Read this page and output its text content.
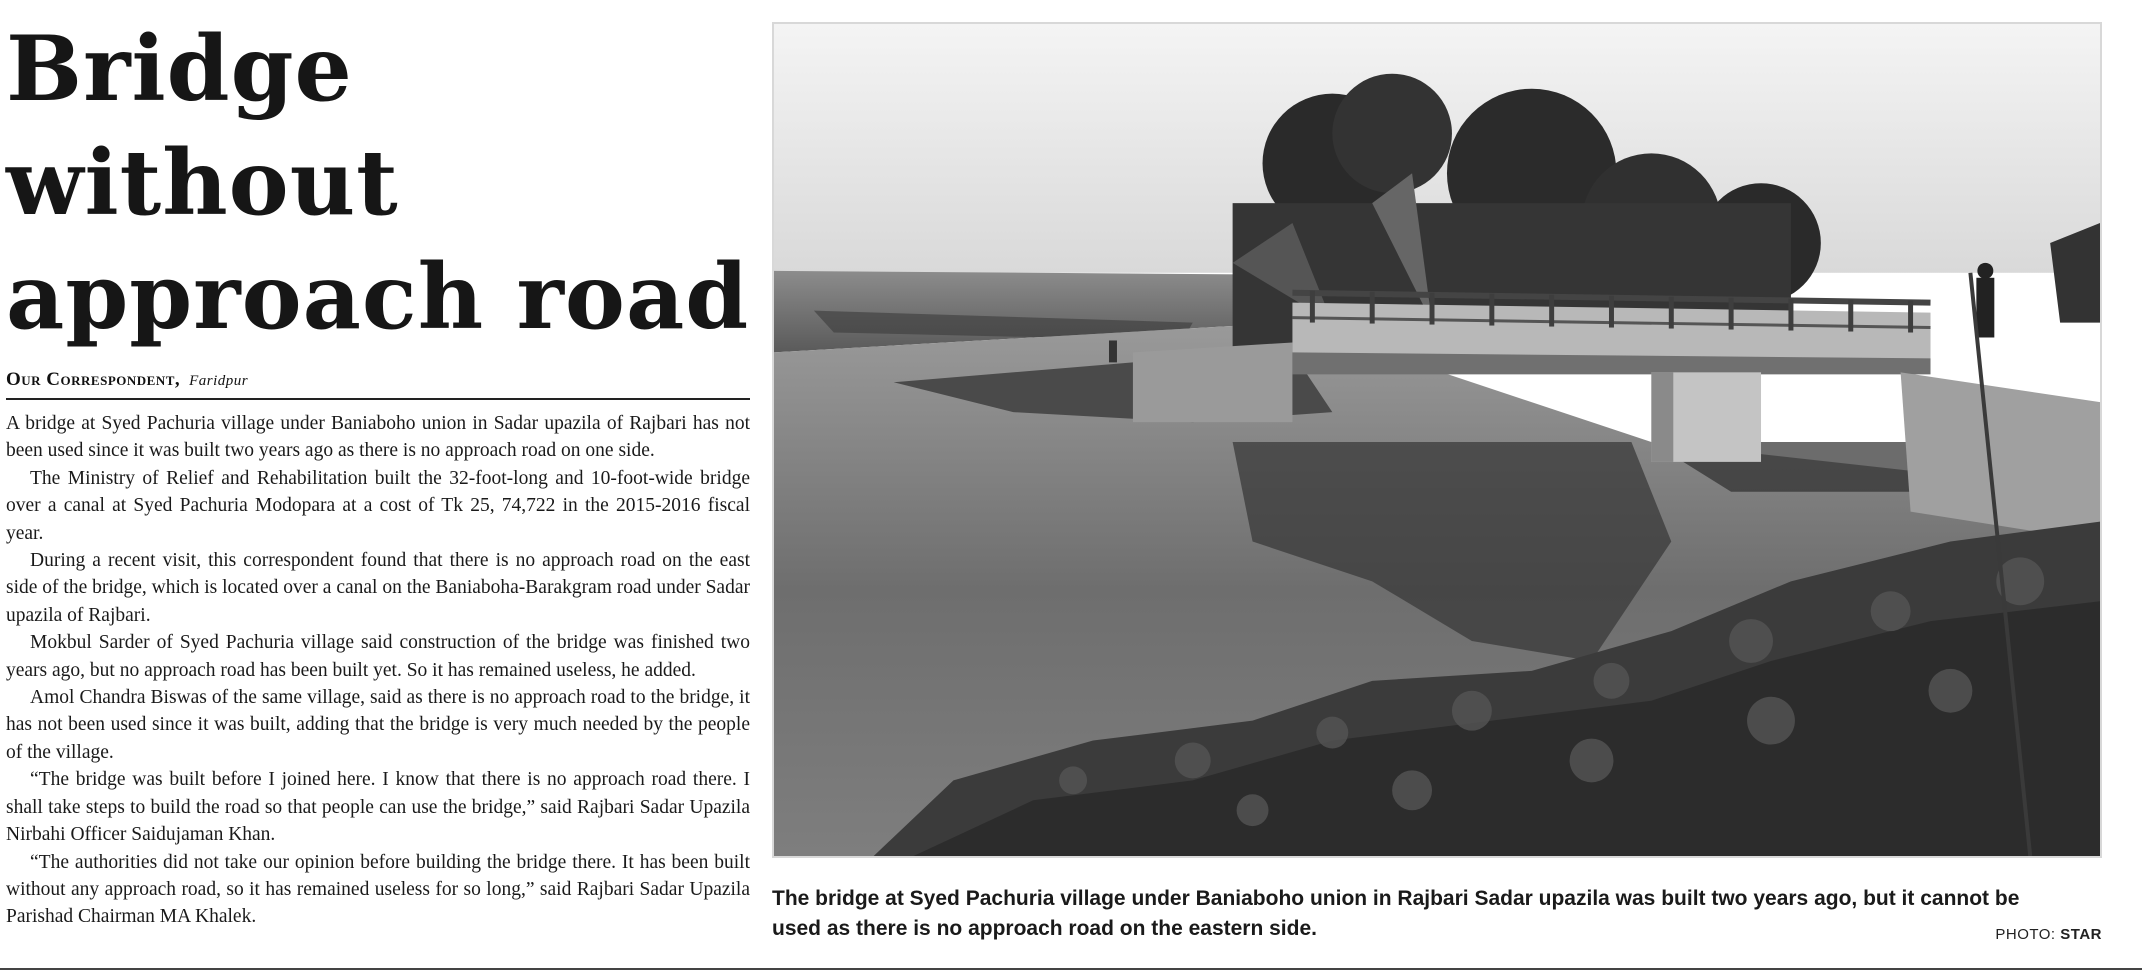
Bridge without
approach road
Our Correspondent, Faridpur

A bridge at Syed Pachuria village under Baniaboho union in Sadar upazila of Rajbari has not been used since it was built two years ago as there is no approach road on one side.

The Ministry of Relief and Rehabilitation built the 32-foot-long and 10-foot-wide bridge over a canal at Syed Pachuria Modopara at a cost of Tk 25, 74,722 in the 2015-2016 fiscal year.

During a recent visit, this correspondent found that there is no approach road on the east side of the bridge, which is located over a canal on the Baniaboha-Barakgram road under Sadar upazila of Rajbari.

Mokbul Sarder of Syed Pachuria village said construction of the bridge was finished two years ago, but no approach road has been built yet. So it has remained useless, he added.

Amol Chandra Biswas of the same village, said as there is no approach road to the bridge, it has not been used since it was built, adding that the bridge is very much needed by the people of the village.

“The bridge was built before I joined here. I know that there is no approach road there. I shall take steps to build the road so that people can use the bridge,” said Rajbari Sadar Upazila Nirbahi Officer Saidujaman Khan.

“The authorities did not take our opinion before building the bridge there. It has been built without any approach road, so it has remained useless for so long,” said Rajbari Sadar Upazila Parishad Chairman MA Khalek.

The bridge at Syed Pachuria village under Baniaboho union in Rajbari Sadar upazila was built two years ago, but it cannot be
used as there is no approach road on the eastern side.	PHOTO: STAR
